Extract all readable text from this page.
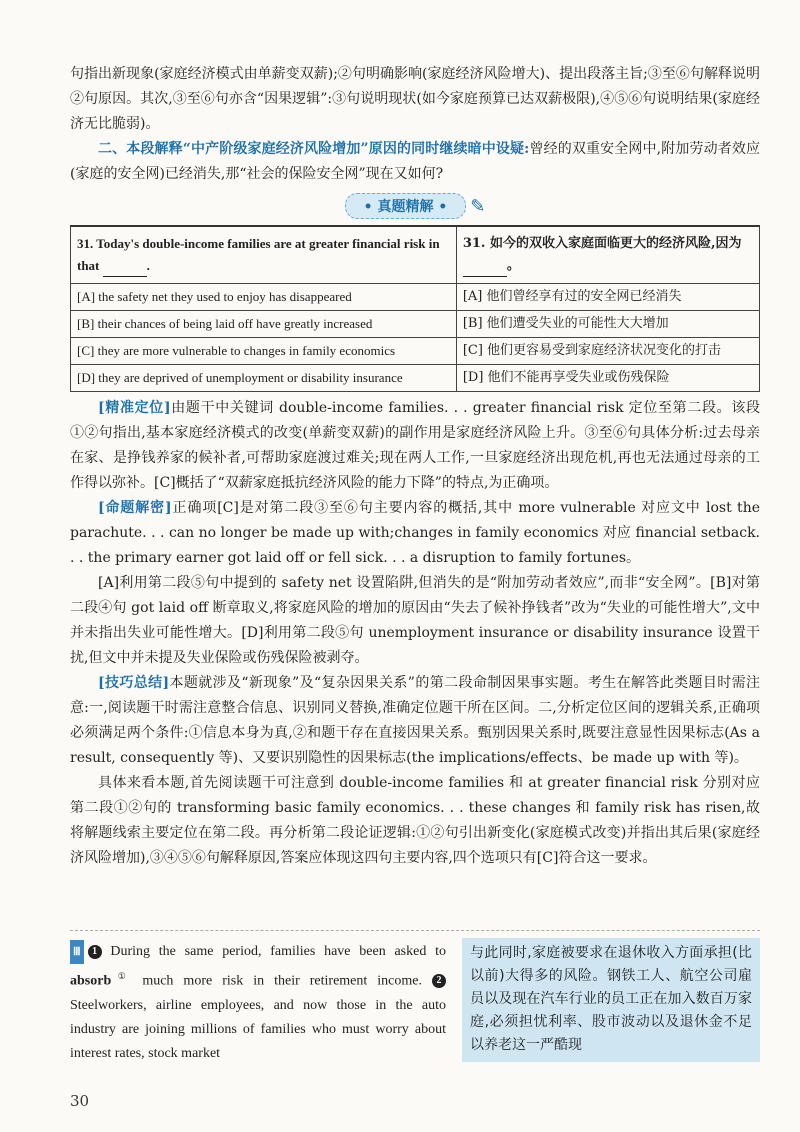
句指出新现象(家庭经济模式由单薪变双薪);②句明确影响(家庭经济风险增大)、提出段落主旨;③至⑥句解释说明②句原因。其次,③至⑥句亦含“因果逻辑”:③句说明现状(如今家庭预算已达双薪极限),④⑤⑥句说明结果(家庭经济无比脆弱)。

二、本段解释“中产阶级家庭经济风险增加”原因的同时继续暗中设疑:曾经的双重安全网中,附加劳动者效应(家庭的安全网)已经消失,那“社会的保险安全网”现在又如何?

• 真题精解 • ✎
31. Today's double-income families are at greater financial risk in that .	31. 如今的双收入家庭面临更大的经济风险,因为。
[A] the safety net they used to enjoy has disappeared	[A] 他们曾经享有过的安全网已经消失
[B] their chances of being laid off have greatly increased	[B] 他们遭受失业的可能性大大增加
[C] they are more vulnerable to changes in family economics	[C] 他们更容易受到家庭经济状况变化的打击
[D] they are deprived of unemployment or disability insurance	[D] 他们不能再享受失业或伤残保险

[精准定位]由题干中关键词 double-income families. . . greater financial risk 定位至第二段。该段①②句指出,基本家庭经济模式的改变(单薪变双薪)的副作用是家庭经济风险上升。③至⑥句具体分析:过去母亲在家、是挣钱养家的候补者,可帮助家庭渡过难关;现在两人工作,一旦家庭经济出现危机,再也无法通过母亲的工作得以弥补。[C]概括了“双薪家庭抵抗经济风险的能力下降”的特点,为正确项。

[命题解密]正确项[C]是对第二段③至⑥句主要内容的概括,其中 more vulnerable 对应文中 lost the parachute. . . can no longer be made up with;changes in family economics 对应 financial setback. . . the primary earner got laid off or fell sick. . . a disruption to family fortunes。

[A]利用第二段⑤句中提到的 safety net 设置陷阱,但消失的是“附加劳动者效应”,而非“安全网”。[B]对第二段④句 got laid off 断章取义,将家庭风险的增加的原因由“失去了候补挣钱者”改为“失业的可能性增大”,文中并未指出失业可能性增大。[D]利用第二段⑤句 unemployment insurance or disability insurance 设置干扰,但文中并未提及失业保险或伤残保险被剥夺。

[技巧总结]本题就涉及“新现象”及“复杂因果关系”的第二段命制因果事实题。考生在解答此类题目时需注意:一,阅读题干时需注意整合信息、识别同义替换,准确定位题干所在区间。二,分析定位区间的逻辑关系,正确项必须满足两个条件:①信息本身为真,②和题干存在直接因果关系。甄别因果关系时,既要注意显性因果标志(As a result, consequently 等)、又要识别隐性的因果标志(the implications/effects、be made up with 等)。

具体来看本题,首先阅读题干可注意到 double-income families 和 at greater financial risk 分别对应第二段①②句的 transforming basic family economics. . . these changes 和 family risk has risen,故将解题线索主要定位在第二段。再分析第二段论证逻辑:①②句引出新变化(家庭模式改变)并指出其后果(家庭经济风险增加),③④⑤⑥句解释原因,答案应体现这四句主要内容,四个选项只有[C]符合这一要求。

Ⅲ 1 During the same period, families have been asked to absorb① much more risk in their retirement income. 2Steelworkers, airline employees, and now those in the auto industry are joining millions of families who must worry about interest rates, stock market
与此同时,家庭被要求在退休收入方面承担(比以前)大得多的风险。钢铁工人、航空公司雇员以及现在汽车行业的员工正在加入数百万家庭,必须担忧利率、股市波动以及退休金不足以养老这一严酷现
30
